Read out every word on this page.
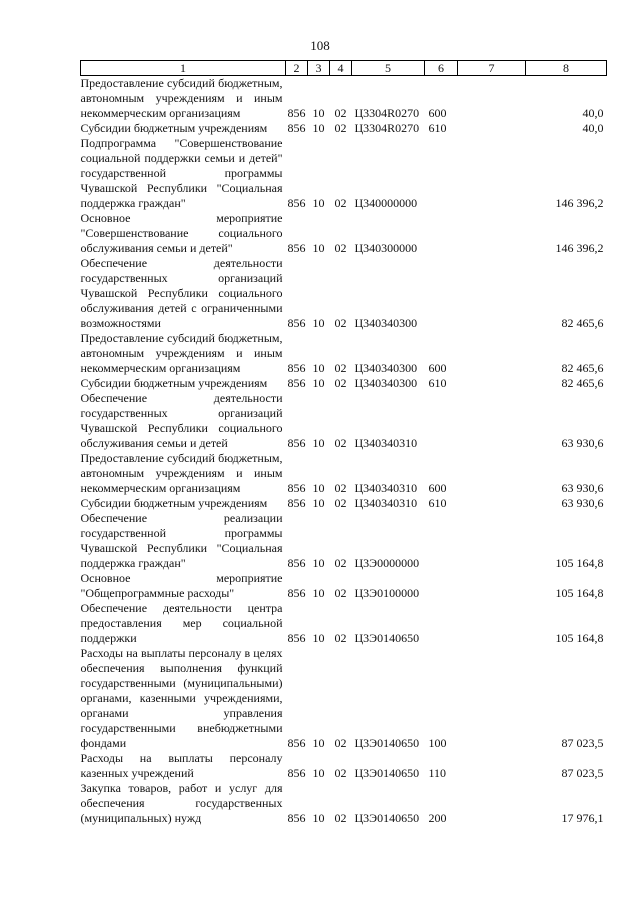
108
1	2	3	4	5	6	7	8
Предоставление субсидий бюджетным, автономным учреждениям и иным некоммерческим организациям	856	10	02	Ц3304R0270	600		40,0
Субсидии бюджетным учреждениям	856	10	02	Ц3304R0270	610		40,0
Подпрограмма "Совершенствование социальной поддержки семьи и детей" государственной программы Чувашской Республики "Социальная поддержка граждан"	856	10	02	Ц340000000			146 396,2
Основное мероприятие "Совершенствование социального обслуживания семьи и детей"	856	10	02	Ц340300000			146 396,2
Обеспечение деятельности государственных организаций Чувашской Республики социального обслуживания детей с ограниченными возможностями	856	10	02	Ц340340300			82 465,6
Предоставление субсидий бюджетным, автономным учреждениям и иным некоммерческим организациям	856	10	02	Ц340340300	600		82 465,6
Субсидии бюджетным учреждениям	856	10	02	Ц340340300	610		82 465,6
Обеспечение деятельности государственных организаций Чувашской Республики социального обслуживания семьи и детей	856	10	02	Ц340340310			63 930,6
Предоставление субсидий бюджетным, автономным учреждениям и иным некоммерческим организациям	856	10	02	Ц340340310	600		63 930,6
Субсидии бюджетным учреждениям	856	10	02	Ц340340310	610		63 930,6
Обеспечение реализации государственной программы Чувашской Республики "Социальная поддержка граждан"	856	10	02	Ц3Э0000000			105 164,8
Основное мероприятие "Общепрограммные расходы"	856	10	02	Ц3Э0100000			105 164,8
Обеспечение деятельности центра предоставления мер социальной поддержки	856	10	02	Ц3Э0140650			105 164,8
Расходы на выплаты персоналу в целях обеспечения выполнения функций государственными (муниципальными) органами, казенными учреждениями, органами управления государственными внебюджетными фондами	856	10	02	Ц3Э0140650	100		87 023,5
Расходы на выплаты персоналу казенных учреждений	856	10	02	Ц3Э0140650	110		87 023,5
Закупка товаров, работ и услуг для обеспечения государственных (муниципальных) нужд	856	10	02	Ц3Э0140650	200		17 976,1
